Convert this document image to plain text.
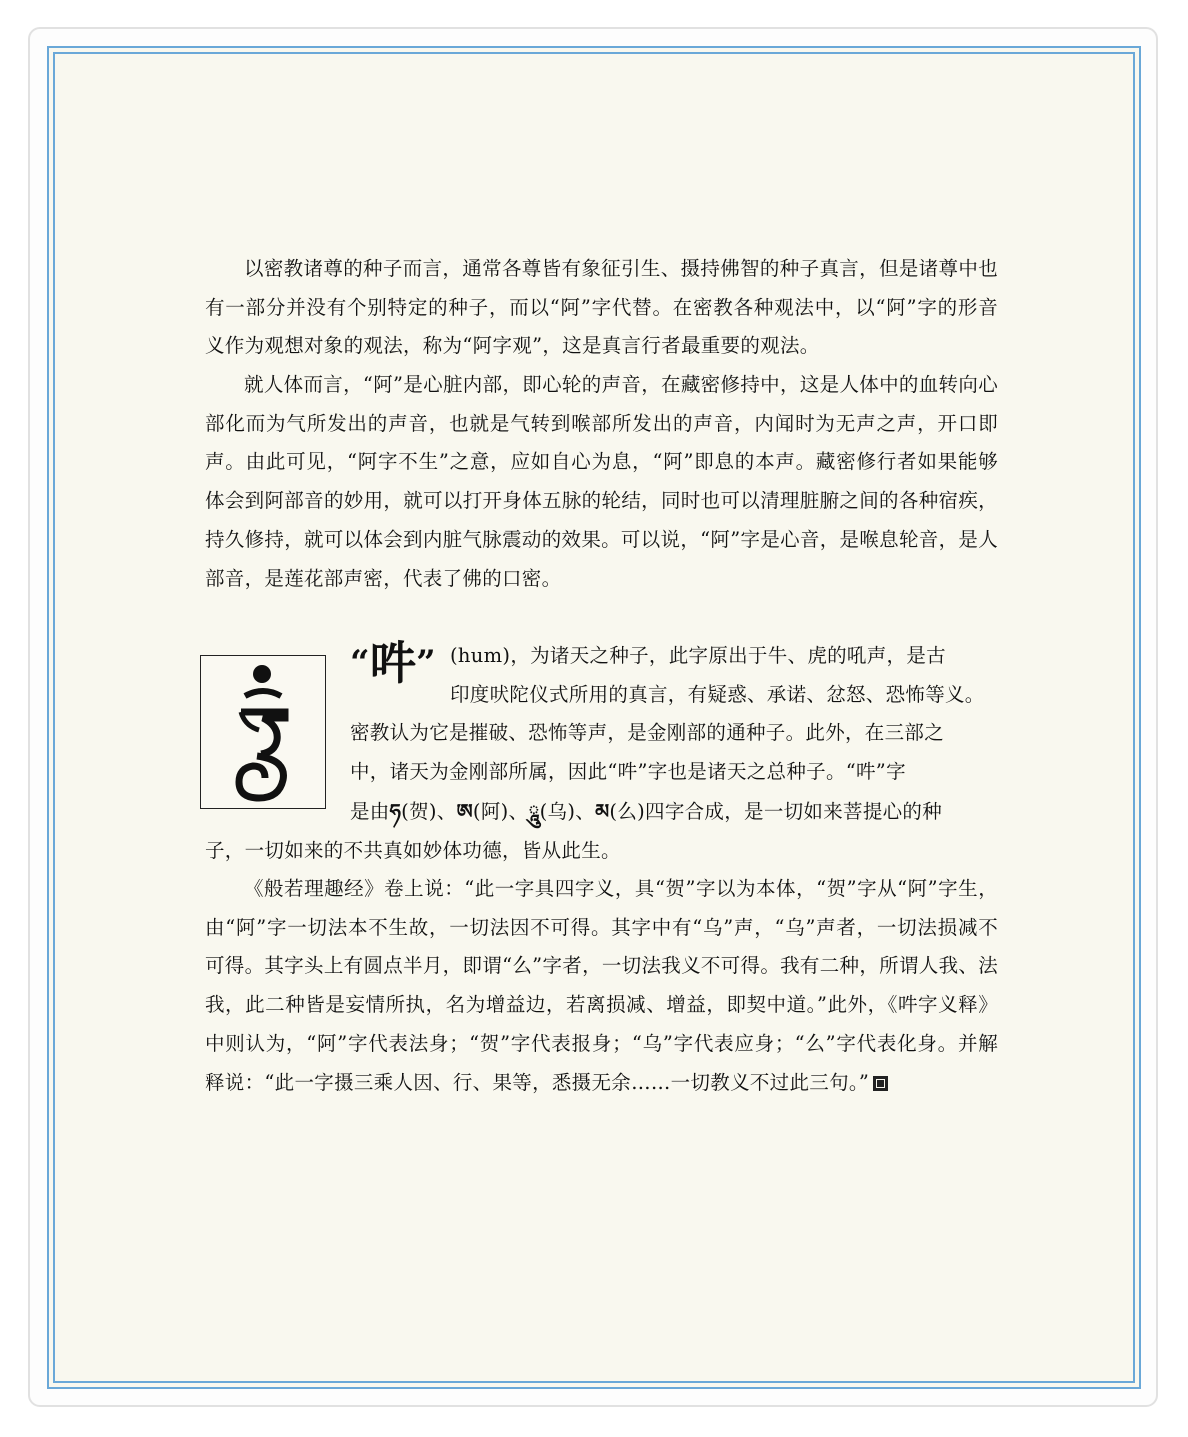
以密教诸尊的种子而言，通常各尊皆有象征引生、摄持佛智的种子真言，但是诸尊中也有一部分并没有个别特定的种子，而以“阿”字代替。在密教各种观法中，以“阿”字的形音义作为观想对象的观法，称为“阿字观”，这是真言行者最重要的观法。

就人体而言，“阿”是心脏内部，即心轮的声音，在藏密修持中，这是人体中的血转向心部化而为气所发出的声音，也就是气转到喉部所发出的声音，内闻时为无声之声，开口即声。由此可见，“阿字不生”之意，应如自心为息，“阿”即息的本声。藏密修行者如果能够体会到阿部音的妙用，就可以打开身体五脉的轮结，同时也可以清理脏腑之间的各种宿疾，持久修持，就可以体会到内脏气脉震动的效果。可以说，“阿”字是心音，是喉息轮音，是人部音，是莲花部声密，代表了佛的口密。

“吽” (hum)，为诸天之种子，此字原出于牛、虎的吼声，是古

印度吠陀仪式所用的真言，有疑惑、承诺、忿怒、恐怖等义。

密教认为它是摧破、恐怖等声，是金刚部的通种子。此外，在三部之

中，诸天为金刚部所属，因此“吽”字也是诸天之总种子。“吽”字

是由ཧ(贺)、ཨ(阿)、ཱུ(乌)、མ(么)四字合成，是一切如来菩提心的种

子，一切如来的不共真如妙体功德，皆从此生。

《般若理趣经》卷上说：“此一字具四字义，具“贺”字以为本体，“贺”字从“阿”字生，由“阿”字一切法本不生故，一切法因不可得。其字中有“乌”声，“乌”声者，一切法损减不可得。其字头上有圆点半月，即谓“么”字者，一切法我义不可得。我有二种，所谓人我、法我，此二种皆是妄情所执，名为增益边，若离损减、增益，即契中道。”此外，《吽字义释》中则认为，“阿”字代表法身；“贺”字代表报身；“乌”字代表应身；“么”字代表化身。并解释说：“此一字摄三乘人因、行、果等，悉摄无余……一切教义不过此三句。”
